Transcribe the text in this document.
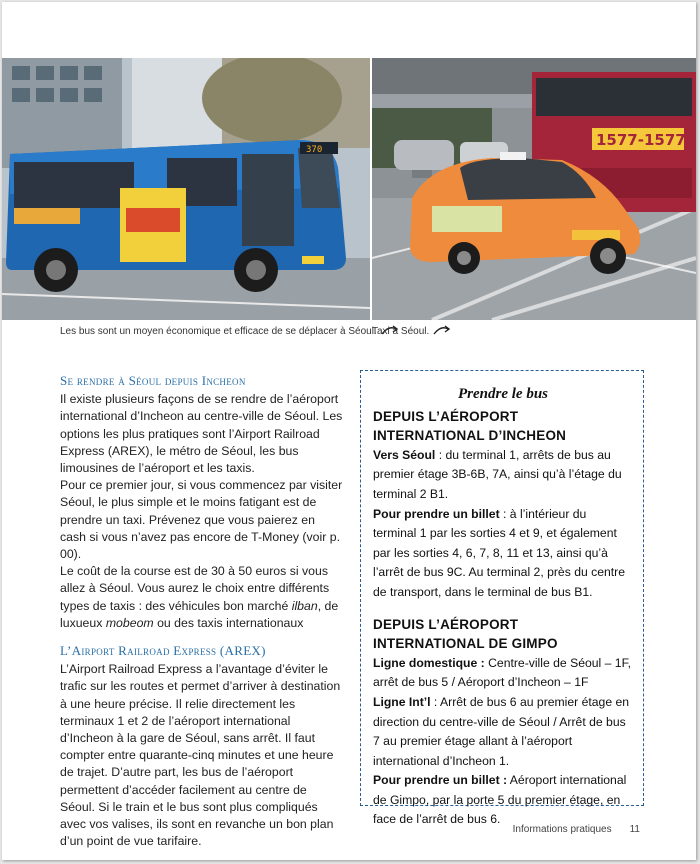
370
1577-1577
Les bus sont un moyen économique et efficace de se déplacer à Séoul.
Taxi à Séoul.
Se rendre à Séoul depuis Incheon

Il existe plusieurs façons de se rendre de l’aéroport international d’Incheon au centre-ville de Séoul. Les options les plus pratiques sont l’Airport Railroad Express (AREX), le métro de Séoul, les bus limousines de l’aéroport et les taxis.

Pour ce premier jour, si vous commencez par visiter Séoul, le plus simple et le moins fatigant est de prendre un taxi. Prévenez que vous paierez en cash si vous n’avez pas encore de T-Money (voir p. 00).

Le coût de la course est de 30 à 50 euros si vous allez à Séoul. Vous aurez le choix entre différents types de taxis : des véhicules bon marché ilban, de luxueux mobeom ou des taxis internationaux

L’Airport Railroad Express (AREX)

L’Airport Railroad Express a l’avantage d’éviter le trafic sur les routes et permet d’arriver à destination à une heure précise. Il relie directement les terminaux 1 et 2 de l’aéroport international d’Incheon à la gare de Séoul, sans arrêt. Il faut compter entre quarante-cinq minutes et une heure de trajet. D’autre part, les bus de l’aéroport permettent d’accéder facilement au centre de Séoul. Si le train et le bus sont plus compliqués avec vos valises, ils sont en revanche un bon plan d’un point de vue tarifaire.

Prendre le bus
DEPUIS L’AÉROPORT INTERNATIONAL D’INCHEON

Vers Séoul : du terminal 1, arrêts de bus au premier étage 3B-6B, 7A, ainsi qu’à l’étage du terminal 2 B1.

Pour prendre un billet : à l’intérieur du terminal 1 par les sorties 4 et 9, et également par les sorties 4, 6, 7, 8, 11 et 13, ainsi qu’à l’arrêt de bus 9C. Au terminal 2, près du centre de transport, dans le terminal de bus B1.

DEPUIS L’AÉROPORT INTERNATIONAL DE GIMPO

Ligne domestique : Centre-ville de Séoul – 1F, arrêt de bus 5 / Aéroport d’Incheon – 1F

Ligne Int’l : Arrêt de bus 6 au premier étage en direction du centre-ville de Séoul / Arrêt de bus 7 au premier étage allant à l’aéroport international d’Incheon 1.

Pour prendre un billet : Aéroport international de Gimpo, par la porte 5 du premier étage, en face de l’arrêt de bus 6.

Informations pratiques 11
